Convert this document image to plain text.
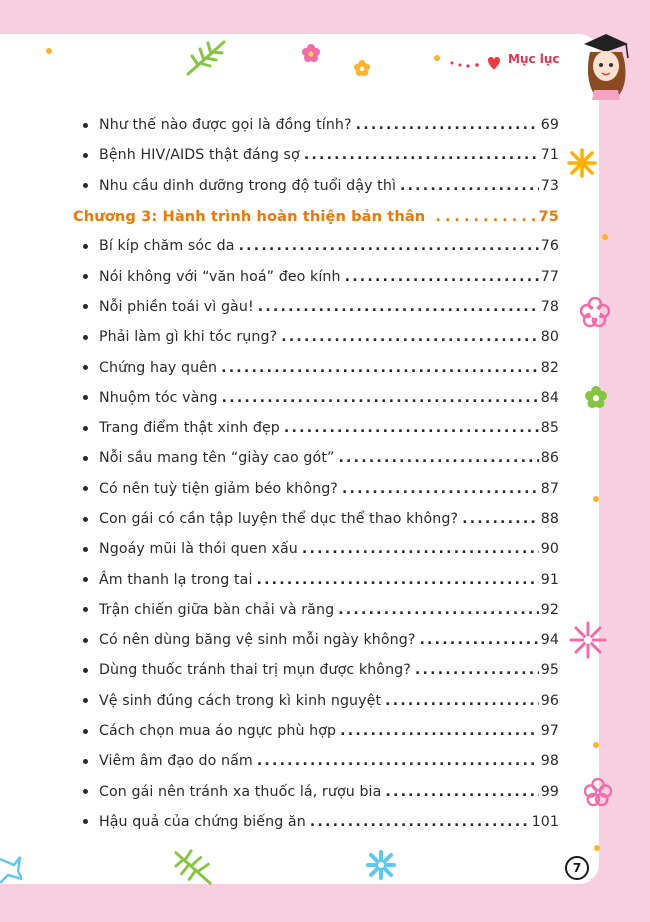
Mục lục
Như thế nào được gọi là đồng tính? .....	69
Bệnh HIV/AIDS thật đáng sợ .....	71
Nhu cầu dinh dưỡng trong độ tuổi dậy thì .....	73
Chương 3: Hành trình hoàn thiện bản thân .....	75
Bí kíp chăm sóc da .....	76
Nói không với “văn hoá” đeo kính .....	77
Nỗi phiền toái vì gàu! .....	78
Phải làm gì khi tóc rụng? .....	80
Chứng hay quên .....	82
Nhuộm tóc vàng .....	84
Trang điểm thật xinh đẹp .....	85
Nỗi sầu mang tên “giày cao gót” .....	86
Có nên tuỳ tiện giảm béo không? .....	87
Con gái có cần tập luyện thể dục thể thao không? .....	88
Ngoáy mũi là thói quen xấu .....	90
Âm thanh lạ trong tai .....	91
Trận chiến giữa bàn chải và răng .....	92
Có nên dùng băng vệ sinh mỗi ngày không? .....	94
Dùng thuốc tránh thai trị mụn được không? .....	95
Vệ sinh đúng cách trong kì kinh nguyệt .....	96
Cách chọn mua áo ngực phù hợp .....	97
Viêm âm đạo do nấm .....	98
Con gái nên tránh xa thuốc lá, rượu bia .....	99
Hậu quả của chứng biếng ăn .....	101
7
